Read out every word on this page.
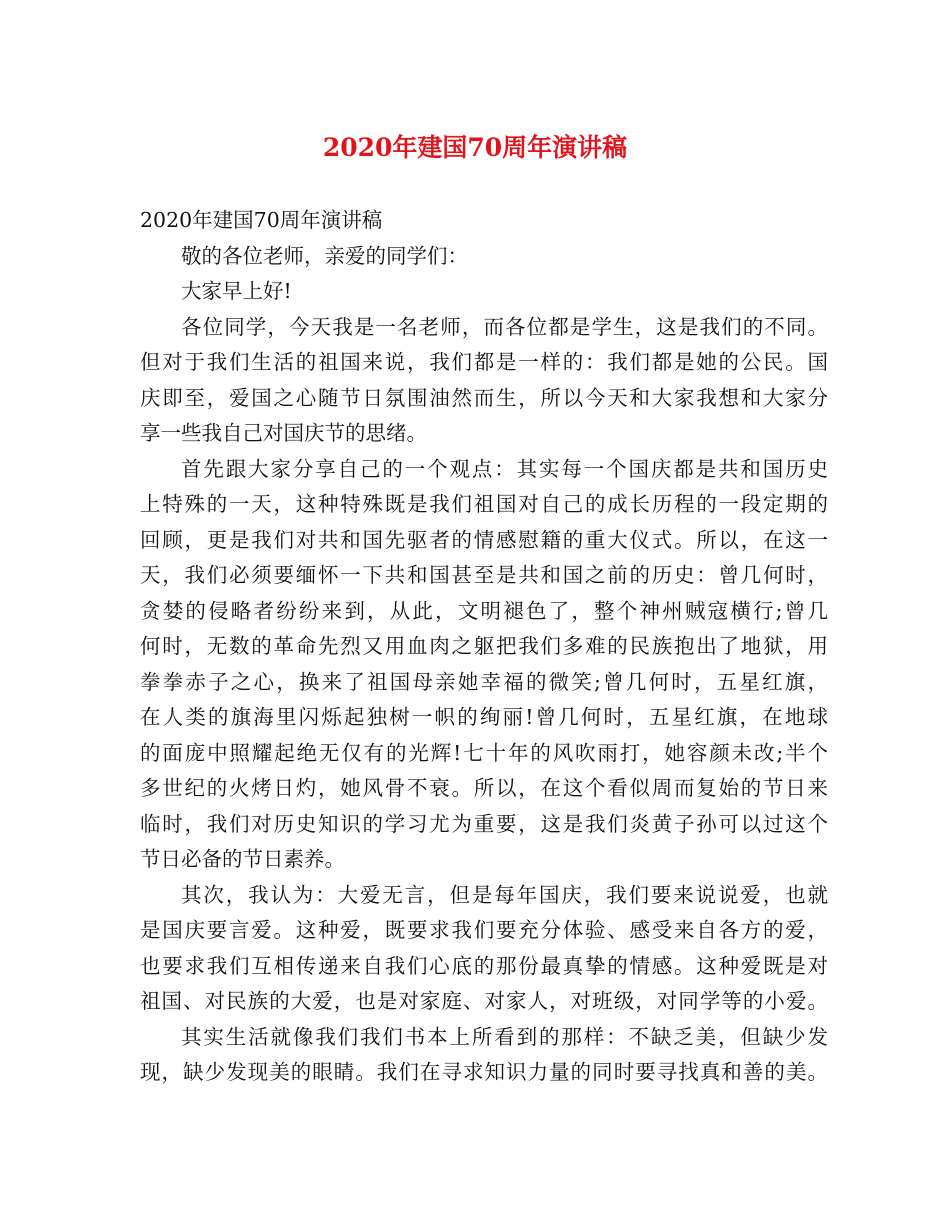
2020年建国70周年演讲稿
2020年建国70周年演讲稿
敬的各位老师，亲爱的同学们：
大家早上好!
各位同学，今天我是一名老师，而各位都是学生，这是我们的不同。
但对于我们生活的祖国来说，我们都是一样的：我们都是她的公民。国
庆即至，爱国之心随节日氛围油然而生，所以今天和大家我想和大家分
享一些我自己对国庆节的思绪。
首先跟大家分享自己的一个观点：其实每一个国庆都是共和国历史
上特殊的一天，这种特殊既是我们祖国对自己的成长历程的一段定期的
回顾，更是我们对共和国先驱者的情感慰籍的重大仪式。所以，在这一
天，我们必须要缅怀一下共和国甚至是共和国之前的历史：曾几何时，
贪婪的侵略者纷纷来到，从此，文明褪色了，整个神州贼寇横行;曾几
何时，无数的革命先烈又用血肉之躯把我们多难的民族抱出了地狱，用
拳拳赤子之心，换来了祖国母亲她幸福的微笑;曾几何时，五星红旗，
在人类的旗海里闪烁起独树一帜的绚丽!曾几何时，五星红旗，在地球
的面庞中照耀起绝无仅有的光辉!七十年的风吹雨打，她容颜未改;半个
多世纪的火烤日灼，她风骨不衰。所以，在这个看似周而复始的节日来
临时，我们对历史知识的学习尤为重要，这是我们炎黄子孙可以过这个
节日必备的节日素养。
其次，我认为：大爱无言，但是每年国庆，我们要来说说爱，也就
是国庆要言爱。这种爱，既要求我们要充分体验、感受来自各方的爱，
也要求我们互相传递来自我们心底的那份最真挚的情感。这种爱既是对
祖国、对民族的大爱，也是对家庭、对家人，对班级，对同学等的小爱。
其实生活就像我们我们书本上所看到的那样：不缺乏美，但缺少发
现，缺少发现美的眼睛。我们在寻求知识力量的同时要寻找真和善的美。
